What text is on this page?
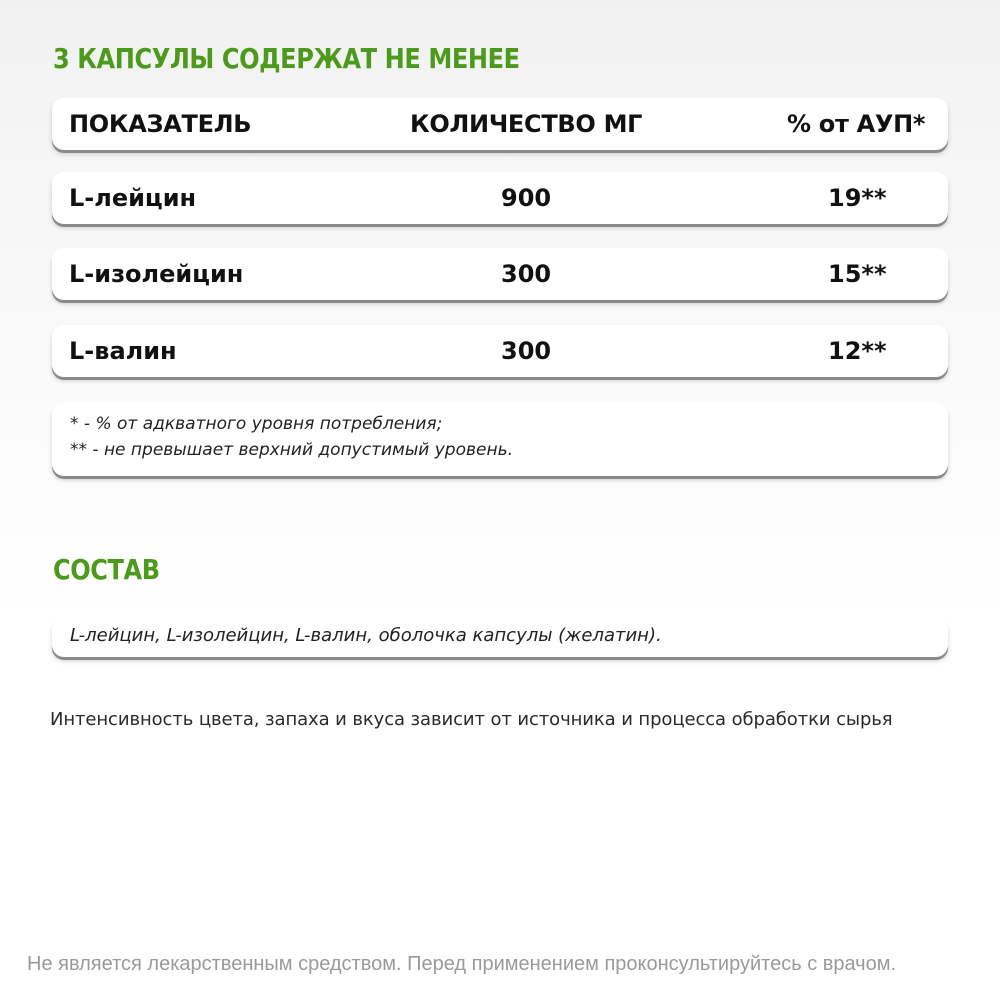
3 КАПСУЛЫ СОДЕРЖАТ НЕ МЕНЕЕ
ПОКАЗАТЕЛЬ	КОЛИЧЕСТВО МГ	% от АУП*
L-лейцин	900	19**
L-изолейцин	300	15**
L-валин	300	12**
* - % от адкватного уровня потребления;
** - не превышает верхний допустимый уровень.
СОСТАВ
L-лейцин, L-изолейцин, L-валин, оболочка капсулы (желатин).
Интенсивность цвета, запаха и вкуса зависит от источника и процесса обработки сырья
Не является лекарственным средством. Перед применением проконсультируйтесь с врачом.
